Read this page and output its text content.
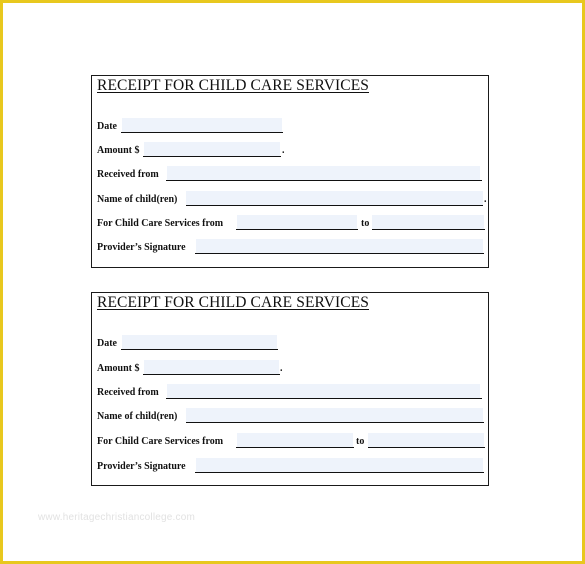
RECEIPT FOR CHILD CARE SERVICES
Date
Amount $	.
Received from
Name of child(ren)	.
For Child Care Services from	to
Provider’s Signature
RECEIPT FOR CHILD CARE SERVICES
Date
Amount $	.
Received from
Name of child(ren)
For Child Care Services from	to
Provider’s Signature
www.heritagechristiancollege.com
